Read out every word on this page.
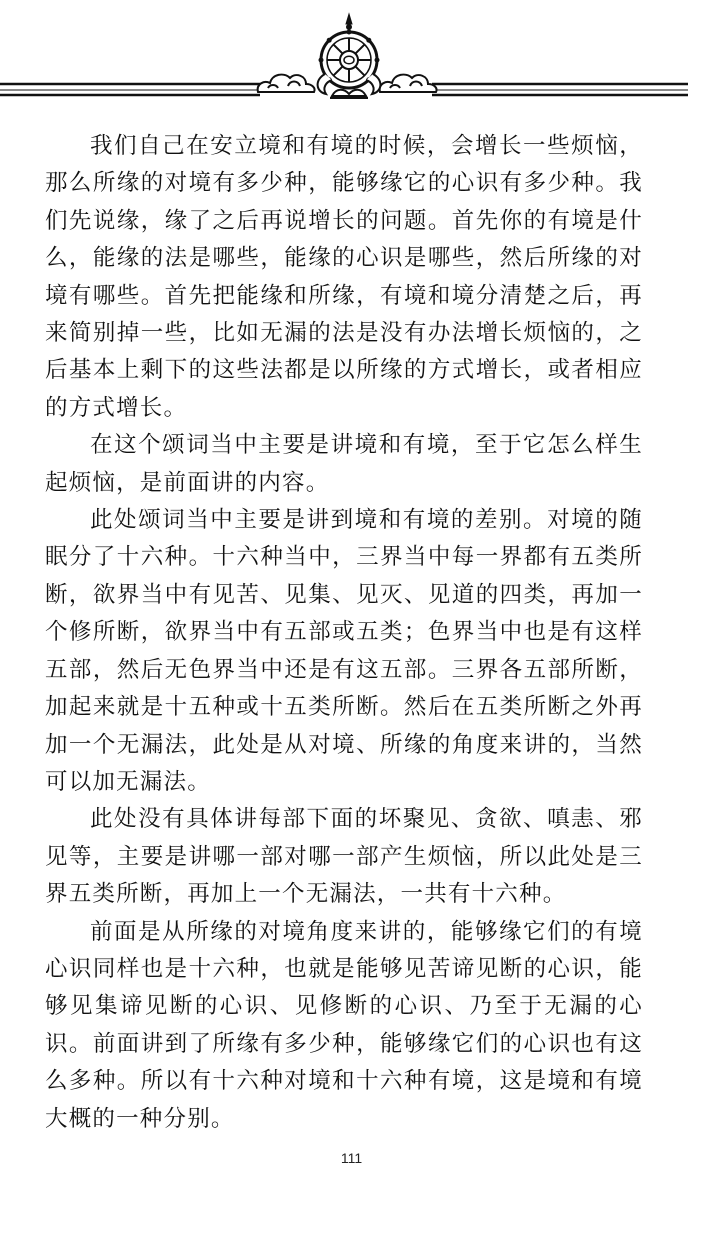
我们自己在安立境和有境的时候，会增长一些烦恼，那么所缘的对境有多少种，能够缘它的心识有多少种。我们先说缘，缘了之后再说增长的问题。首先你的有境是什么，能缘的法是哪些，能缘的心识是哪些，然后所缘的对境有哪些。首先把能缘和所缘，有境和境分清楚之后，再来简别掉一些，比如无漏的法是没有办法增长烦恼的，之后基本上剩下的这些法都是以所缘的方式增长，或者相应的方式增长。

在这个颂词当中主要是讲境和有境，至于它怎么样生起烦恼，是前面讲的内容。

此处颂词当中主要是讲到境和有境的差别。对境的随眠分了十六种。十六种当中，三界当中每一界都有五类所断，欲界当中有见苦、见集、见灭、见道的四类，再加一个修所断，欲界当中有五部或五类；色界当中也是有这样五部，然后无色界当中还是有这五部。三界各五部所断，加起来就是十五种或十五类所断。然后在五类所断之外再加一个无漏法，此处是从对境、所缘的角度来讲的，当然可以加无漏法。

此处没有具体讲每部下面的坏聚见、贪欲、嗔恚、邪见等，主要是讲哪一部对哪一部产生烦恼，所以此处是三界五类所断，再加上一个无漏法，一共有十六种。

前面是从所缘的对境角度来讲的，能够缘它们的有境心识同样也是十六种，也就是能够见苦谛见断的心识，能够见集谛见断的心识、见修断的心识、乃至于无漏的心识。前面讲到了所缘有多少种，能够缘它们的心识也有这么多种。所以有十六种对境和十六种有境，这是境和有境大概的一种分别。

111
